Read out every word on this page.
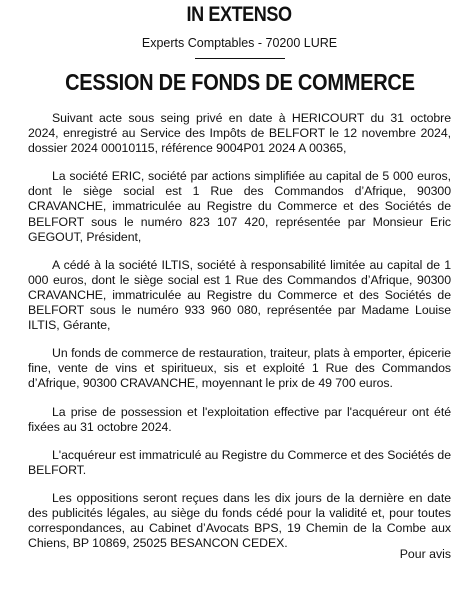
IN EXTENSO
Experts Comptables - 70200 LURE
CESSION DE FONDS DE COMMERCE

Suivant acte sous seing privé en date à HERICOURT du 31 octobre 2024, enregistré au Service des Impôts de BELFORT le 12 novembre 2024, dossier 2024 00010115, référence 9004P01 2024 A 00365,

La société ERIC, société par actions simplifiée au capital de 5 000 euros, dont le siège social est 1 Rue des Commandos d’Afrique, 90300 CRAVANCHE, immatriculée au Registre du Commerce et des Sociétés de BELFORT sous le numéro 823 107 420, représentée par Monsieur Eric GEGOUT, Président,

A cédé à la société ILTIS, société à responsabilité limitée au capital de 1 000 euros, dont le siège social est 1 Rue des Commandos d’Afrique, 90300 CRAVANCHE, immatriculée au Registre du Commerce et des Sociétés de BELFORT sous le numéro 933 960 080, représentée par Madame Louise ILTIS, Gérante,

Un fonds de commerce de restauration, traiteur, plats à emporter, épicerie fine, vente de vins et spiritueux, sis et exploité 1 Rue des Commandos d’Afrique, 90300 CRAVANCHE, moyennant le prix de 49 700 euros.

La prise de possession et l'exploitation effective par l'acquéreur ont été fixées au 31 octobre 2024.

L'acquéreur est immatriculé au Registre du Commerce et des Sociétés de BELFORT.

Les oppositions seront reçues dans les dix jours de la dernière en date des publicités légales, au siège du fonds cédé pour la validité et, pour toutes correspondances, au Cabinet d’Avocats BPS, 19 Chemin de la Combe aux Chiens, BP 10869, 25025 BESANCON CEDEX.

Pour avis
